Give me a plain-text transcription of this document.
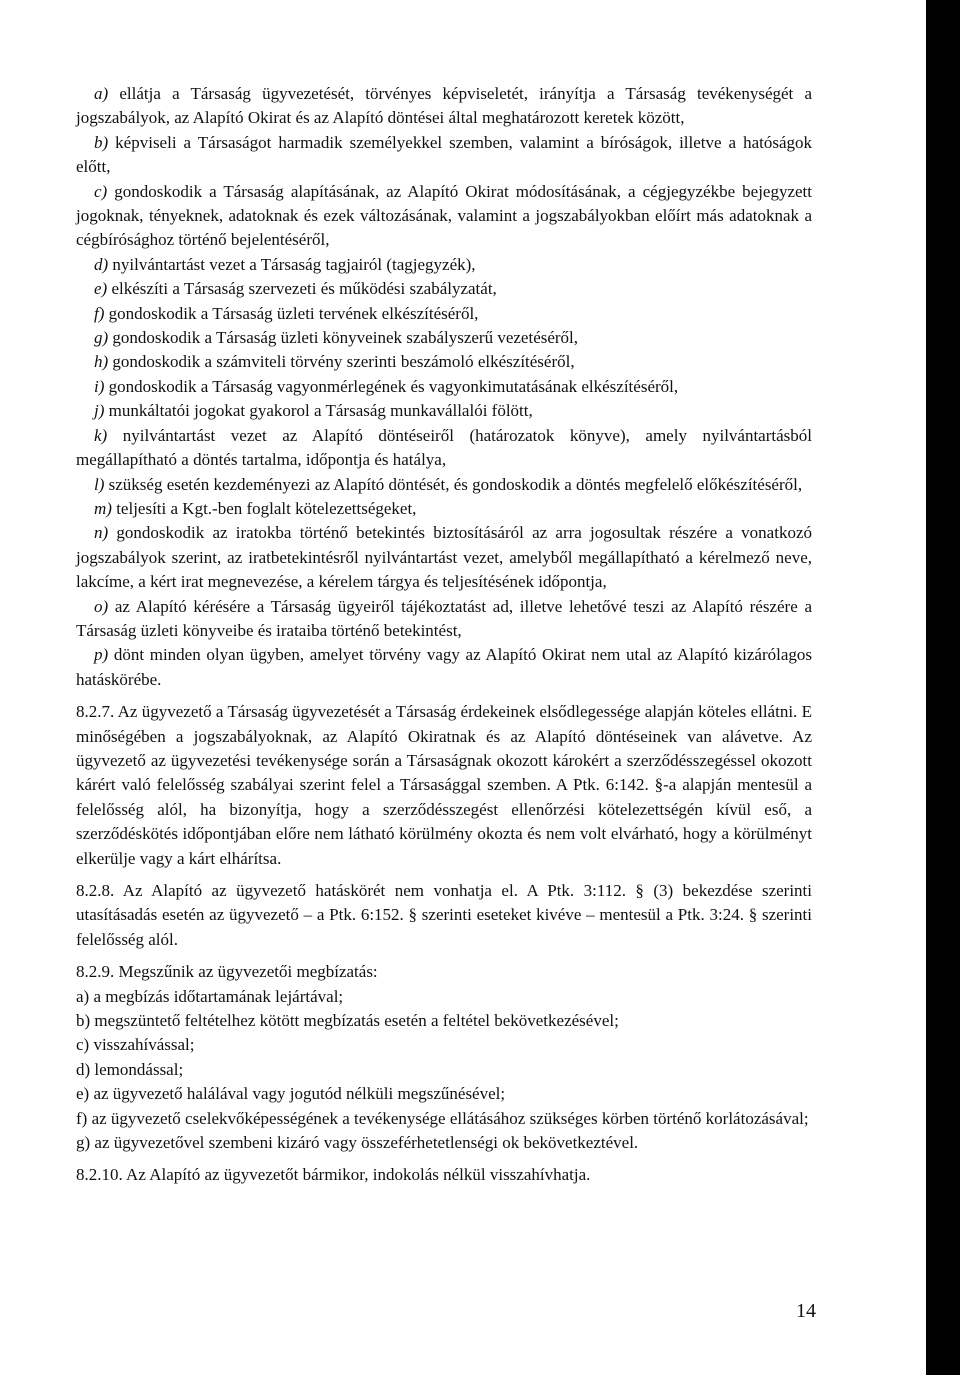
a) ellátja a Társaság ügyvezetését, törvényes képviseletét, irányítja a Társaság tevékenységét a jogszabályok, az Alapító Okirat és az Alapító döntései által meghatározott keretek között,

b) képviseli a Társaságot harmadik személyekkel szemben, valamint a bíróságok, illetve a hatóságok előtt,

c) gondoskodik a Társaság alapításának, az Alapító Okirat módosításának, a cégjegyzékbe bejegyzett jogoknak, tényeknek, adatoknak és ezek változásának, valamint a jogszabályokban előírt más adatoknak a cégbírósághoz történő bejelentéséről,

d) nyilvántartást vezet a Társaság tagjairól (tagjegyzék),

e) elkészíti a Társaság szervezeti és működési szabályzatát,

f) gondoskodik a Társaság üzleti tervének elkészítéséről,

g) gondoskodik a Társaság üzleti könyveinek szabályszerű vezetéséről,

h) gondoskodik a számviteli törvény szerinti beszámoló elkészítéséről,

i) gondoskodik a Társaság vagyonmérlegének és vagyonkimutatásának elkészítéséről,

j) munkáltatói jogokat gyakorol a Társaság munkavállalói fölött,

k) nyilvántartást vezet az Alapító döntéseiről (határozatok könyve), amely nyilvántartásból megállapítható a döntés tartalma, időpontja és hatálya,

l) szükség esetén kezdeményezi az Alapító döntését, és gondoskodik a döntés megfelelő előkészítéséről,

m) teljesíti a Kgt.-ben foglalt kötelezettségeket,

n) gondoskodik az iratokba történő betekintés biztosításáról az arra jogosultak részére a vonatkozó jogszabályok szerint, az iratbetekintésről nyilvántartást vezet, amelyből megállapítható a kérelmező neve, lakcíme, a kért irat megnevezése, a kérelem tárgya és teljesítésének időpontja,

o) az Alapító kérésére a Társaság ügyeiről tájékoztatást ad, illetve lehetővé teszi az Alapító részére a Társaság üzleti könyveibe és irataiba történő betekintést,

p) dönt minden olyan ügyben, amelyet törvény vagy az Alapító Okirat nem utal az Alapító kizárólagos hatáskörébe.

8.2.7. Az ügyvezető a Társaság ügyvezetését a Társaság érdekeinek elsődlegessége alapján köteles ellátni. E minőségében a jogszabályoknak, az Alapító Okiratnak és az Alapító döntéseinek van alávetve. Az ügyvezető az ügyvezetési tevékenysége során a Társaságnak okozott károkért a szerződésszegéssel okozott kárért való felelősség szabályai szerint felel a Társasággal szemben. A Ptk. 6:142. §-a alapján mentesül a felelősség alól, ha bizonyítja, hogy a szerződésszegést ellenőrzési kötelezettségén kívül eső, a szerződéskötés időpontjában előre nem látható körülmény okozta és nem volt elvárható, hogy a körülményt elkerülje vagy a kárt elhárítsa.

8.2.8. Az Alapító az ügyvezető hatáskörét nem vonhatja el. A Ptk. 3:112. § (3) bekezdése szerinti utasításadás esetén az ügyvezető – a Ptk. 6:152. § szerinti eseteket kivéve – mentesül a Ptk. 3:24. § szerinti felelősség alól.

8.2.9. Megszűnik az ügyvezetői megbízatás:

a) a megbízás időtartamának lejártával;

b) megszüntető feltételhez kötött megbízatás esetén a feltétel bekövetkezésével;

c) visszahívással;

d) lemondással;

e) az ügyvezető halálával vagy jogutód nélküli megszűnésével;

f) az ügyvezető cselekvőképességének a tevékenysége ellátásához szükséges körben történő korlátozásával;

g) az ügyvezetővel szembeni kizáró vagy összeférhetetlenségi ok bekövetkeztével.

8.2.10. Az Alapító az ügyvezetőt bármikor, indokolás nélkül visszahívhatja.

14
